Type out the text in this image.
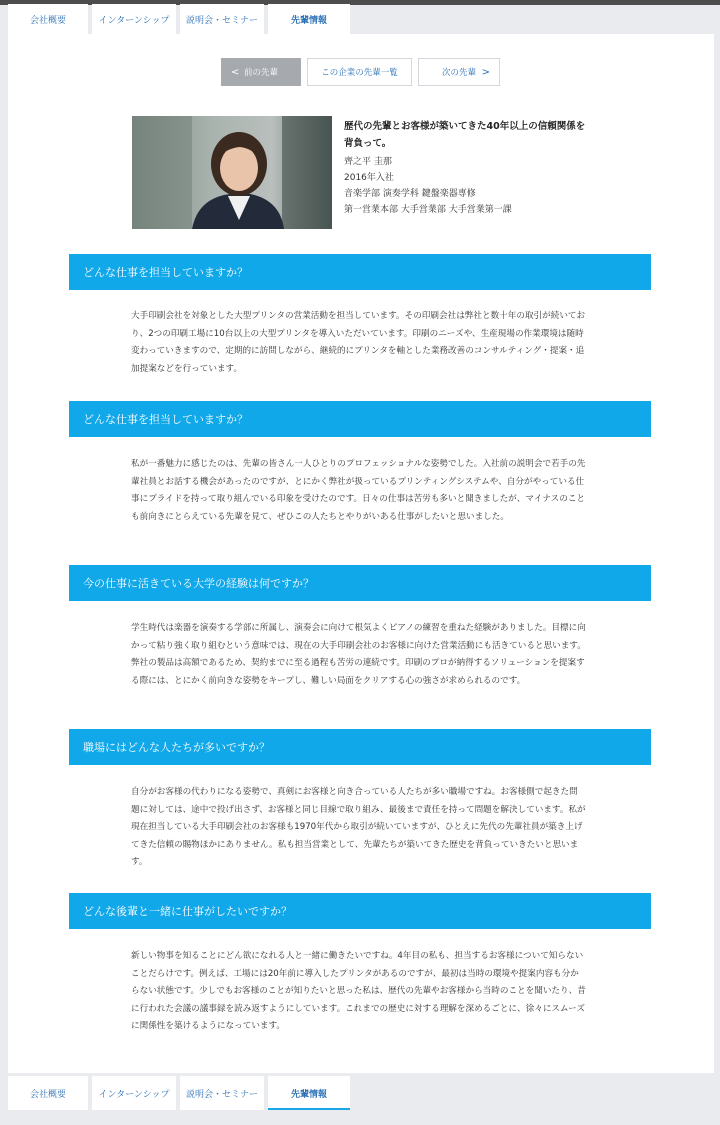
会社概要	インターンシップ	説明会・セミナー	先輩情報
< 前の先輩	この企業の先輩一覧	次の先輩 >
歴代の先輩とお客様が築いてきた40年以上の信頼関係を背負って。
齊之平 圭那
2016年入社
音楽学部 演奏学科 鍵盤楽器専修
第一営業本部 大手営業部 大手営業第一課
どんな仕事を担当していますか？
大手印刷会社を対象とした大型プリンタの営業活動を担当しています。その印刷会社は弊社と数十年の取引が続いており、2つの印刷工場に10台以上の大型プリンタを導入いただいています。印刷のニーズや、生産現場の作業環境は随時変わっていきますので、定期的に訪問しながら、継続的にプリンタを軸とした業務改善のコンサルティング・提案・追加提案などを行っています。
どんな仕事を担当していますか？
私が一番魅力に感じたのは、先輩の皆さん一人ひとりのプロフェッショナルな姿勢でした。入社前の説明会で若手の先輩社員とお話する機会があったのですが、とにかく弊社が扱っているプリンティングシステムや、自分がやっている仕事にプライドを持って取り組んでいる印象を受けたのです。日々の仕事は苦労も多いと聞きましたが、マイナスのことも前向きにとらえている先輩を見て、ぜひこの人たちとやりがいある仕事がしたいと思いました。
今の仕事に活きている大学の経験は何ですか？
学生時代は楽器を演奏する学部に所属し、演奏会に向けて根気よくピアノの練習を重ねた経験がありました。目標に向かって粘り強く取り組むという意味では、現在の大手印刷会社のお客様に向けた営業活動にも活きていると思います。弊社の製品は高額であるため、契約までに至る過程も苦労の連続です。印刷のプロが納得するソリューションを提案する際には、とにかく前向きな姿勢をキープし、難しい局面をクリアする心の強さが求められるのです。
職場にはどんな人たちが多いですか？
自分がお客様の代わりになる姿勢で、真剣にお客様と向き合っている人たちが多い職場ですね。お客様側で起きた問題に対しては、途中で投げ出さず、お客様と同じ目線で取り組み、最後まで責任を持って問題を解決しています。私が現在担当している大手印刷会社のお客様も1970年代から取引が続いていますが、ひとえに先代の先輩社員が築き上げてきた信頼の賜物ほかにありません。私も担当営業として、先輩たちが築いてきた歴史を背負っていきたいと思います。
どんな後輩と一緒に仕事がしたいですか？
新しい物事を知ることにどん欲になれる人と一緒に働きたいですね。4年目の私も、担当するお客様について知らないことだらけです。例えば、工場には20年前に導入したプリンタがあるのですが、最初は当時の環境や提案内容も分からない状態です。少しでもお客様のことが知りたいと思った私は、歴代の先輩やお客様から当時のことを聞いたり、昔に行われた会議の議事録を読み返すようにしています。これまでの歴史に対する理解を深めるごとに、徐々にスムーズに関係性を築けるようになっています。
会社概要	インターンシップ	説明会・セミナー	先輩情報
